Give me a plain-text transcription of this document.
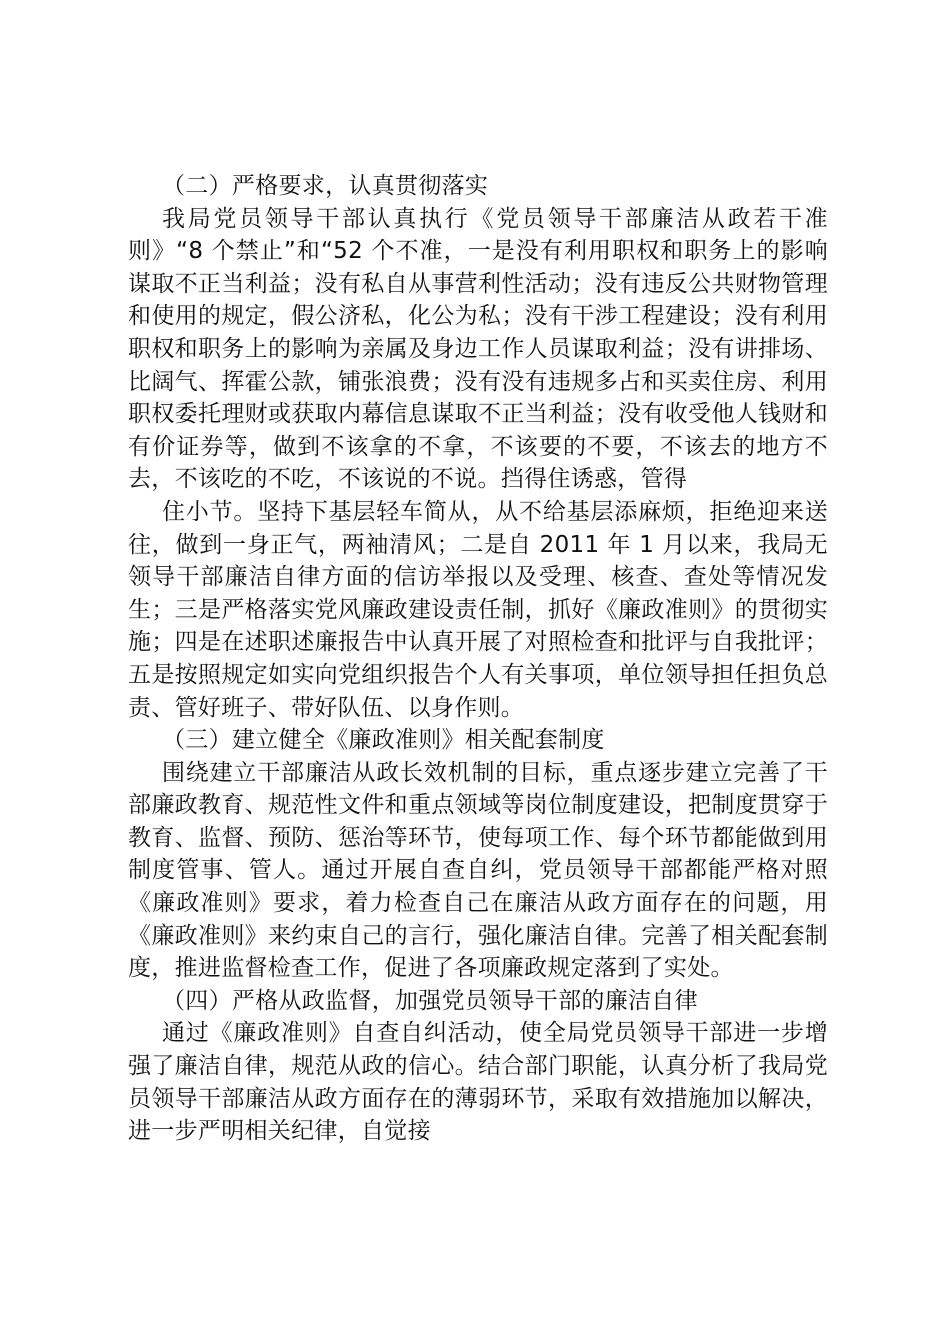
（二）严格要求，认真贯彻落实

我局党员领导干部认真执行《党员领导干部廉洁从政若干准则》“8 个禁止”和“52 个不准，一是没有利用职权和职务上的影响谋取不正当利益；没有私自从事营利性活动；没有违反公共财物管理和使用的规定，假公济私，化公为私；没有干涉工程建设；没有利用职权和职务上的影响为亲属及身边工作人员谋取利益；没有讲排场、比阔气、挥霍公款，铺张浪费；没有没有违规多占和买卖住房、利用职权委托理财或获取内幕信息谋取不正当利益；没有收受他人钱财和有价证券等，做到不该拿的不拿，不该要的不要，不该去的地方不去，不该吃的不吃，不该说的不说。挡得住诱惑，管得

住小节。坚持下基层轻车简从，从不给基层添麻烦，拒绝迎来送往，做到一身正气，两袖清风；二是自 2011 年 1 月以来，我局无领导干部廉洁自律方面的信访举报以及受理、核查、查处等情况发生；三是严格落实党风廉政建设责任制，抓好《廉政准则》的贯彻实施；四是在述职述廉报告中认真开展了对照检查和批评与自我批评；五是按照规定如实向党组织报告个人有关事项，单位领导担任担负总责、管好班子、带好队伍、以身作则。

（三）建立健全《廉政准则》相关配套制度

围绕建立干部廉洁从政长效机制的目标，重点逐步建立完善了干部廉政教育、规范性文件和重点领域等岗位制度建设，把制度贯穿于教育、监督、预防、惩治等环节，使每项工作、每个环节都能做到用制度管事、管人。通过开展自查自纠，党员领导干部都能严格对照《廉政准则》要求，着力检查自己在廉洁从政方面存在的问题，用《廉政准则》来约束自己的言行，强化廉洁自律。完善了相关配套制度，推进监督检查工作，促进了各项廉政规定落到了实处。

（四）严格从政监督，加强党员领导干部的廉洁自律

通过《廉政准则》自查自纠活动，使全局党员领导干部进一步增强了廉洁自律，规范从政的信心。结合部门职能，认真分析了我局党员领导干部廉洁从政方面存在的薄弱环节，采取有效措施加以解决，进一步严明相关纪律，自觉接
